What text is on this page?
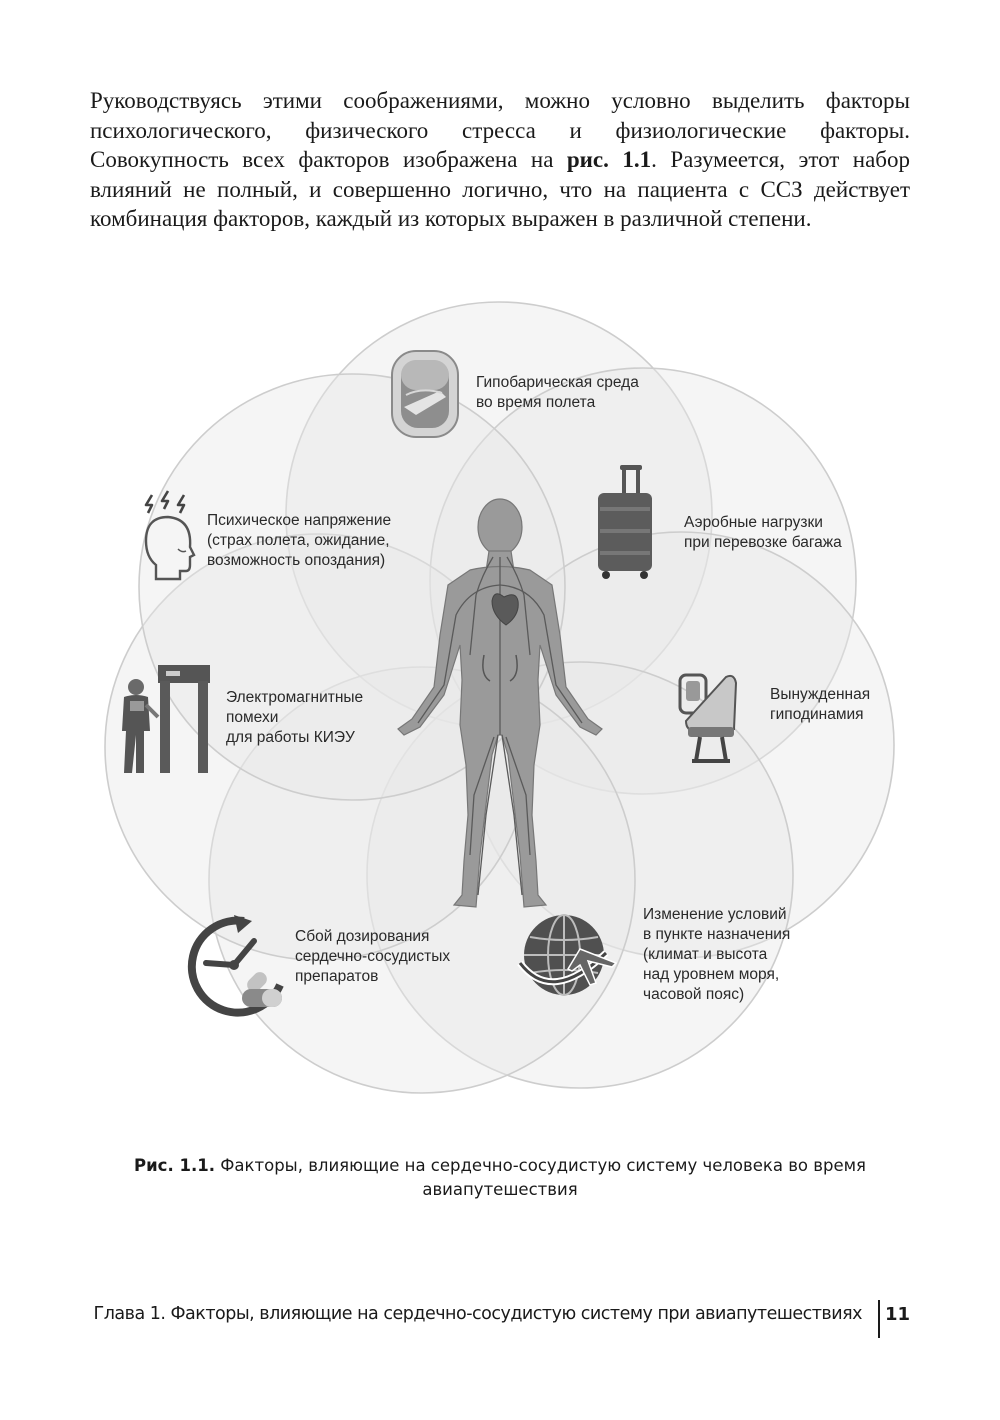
Руководствуясь этими соображениями, можно условно выделить факторы психологического, физического стресса и физиологические факторы. Совокупность всех факторов изображена на рис. 1.1. Разумеется, этот набор влияний не полный, и совершенно логично, что на пациента с ССЗ действует комбинация факторов, каждый из которых выражен в различной степени.

Гипобарическая среда
во время полета

Аэробные нагрузки
при перевозке багажа

Вынужденная
гиподинамия

Изменение условий
в пункте назначения
(климат и высота
над уровнем моря,
часовой пояс)

Сбой дозирования
сердечно-сосудистых
препаратов

Электромагнитные
помехи
для работы КИЭУ

Психическое напряжение
(страх полета, ожидание,
возможность опоздания)

Рис. 1.1. Факторы, влияющие на сердечно-сосудистую систему человека во время авиапутешествия

Глава 1. Факторы, влияющие на сердечно-сосудистую систему при авиапутешествиях 11
